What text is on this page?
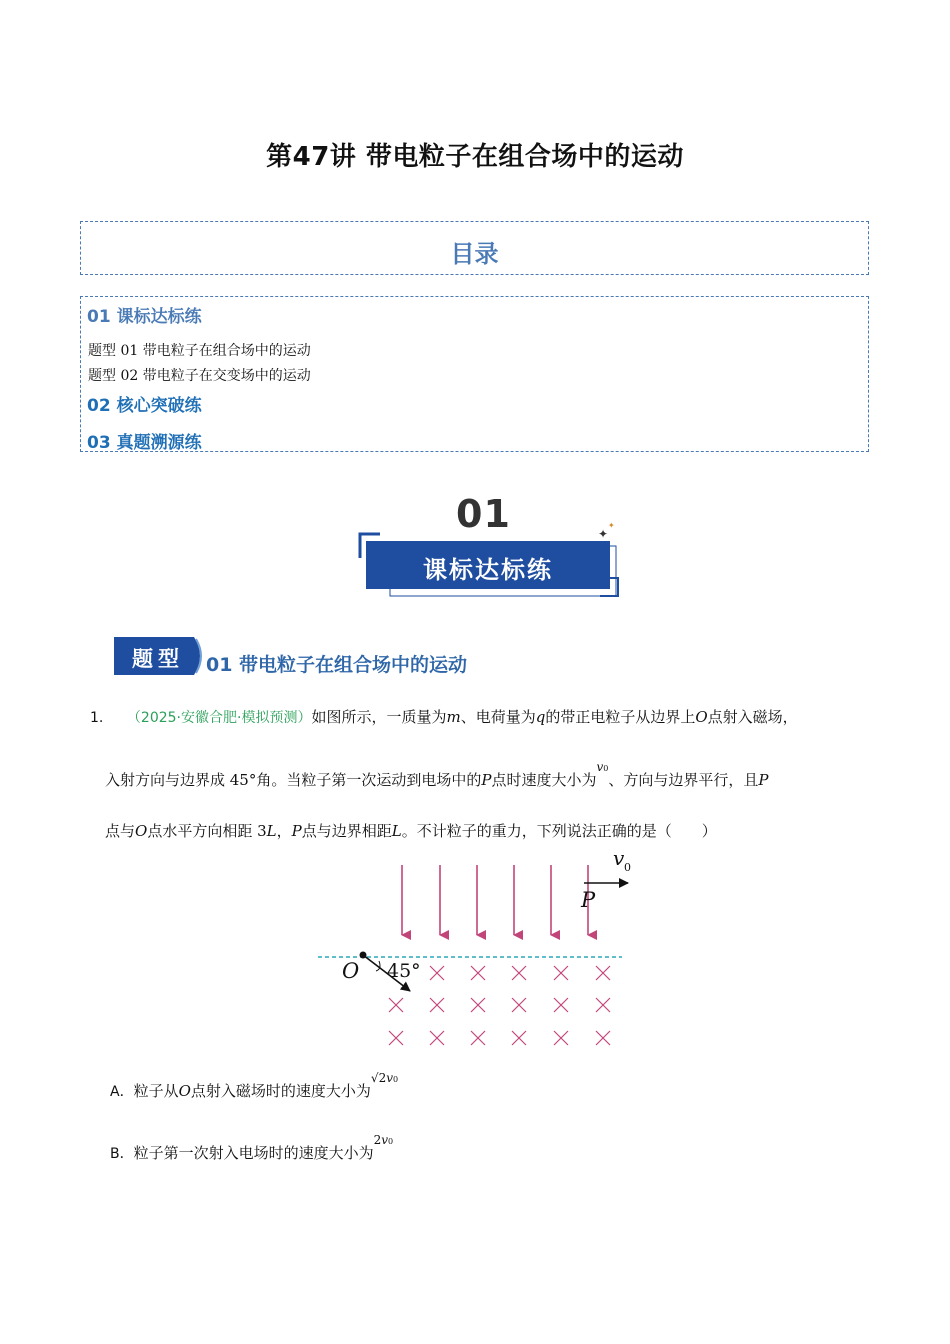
第47讲 带电粒子在组合场中的运动
目录
01 课标达标练
题型 01 带电粒子在组合场中的运动
题型 02 带电粒子在交变场中的运动
02 核心突破练
03 真题溯源练
01	✦
✦
课标达标练
题型	01 带电粒子在组合场中的运动
1. （2025·安徽合肥·模拟预测）如图所示，一质量为m、电荷量为q的带正电粒子从边界上O点射入磁场，
入射方向与边界成 45°角。当粒子第一次运动到电场中的P点时速度大小为$^{v0}$、方向与边界平行，且P
点与O点水平方向相距 3L，P点与边界相距L。不计粒子的重力，下列说法正确的是（　　）
O 45°
P
v 0
A．粒子从O点射入磁场时的速度大小为$^{√2v0}$
B．粒子第一次射入电场时的速度大小为$^{2v0}$
